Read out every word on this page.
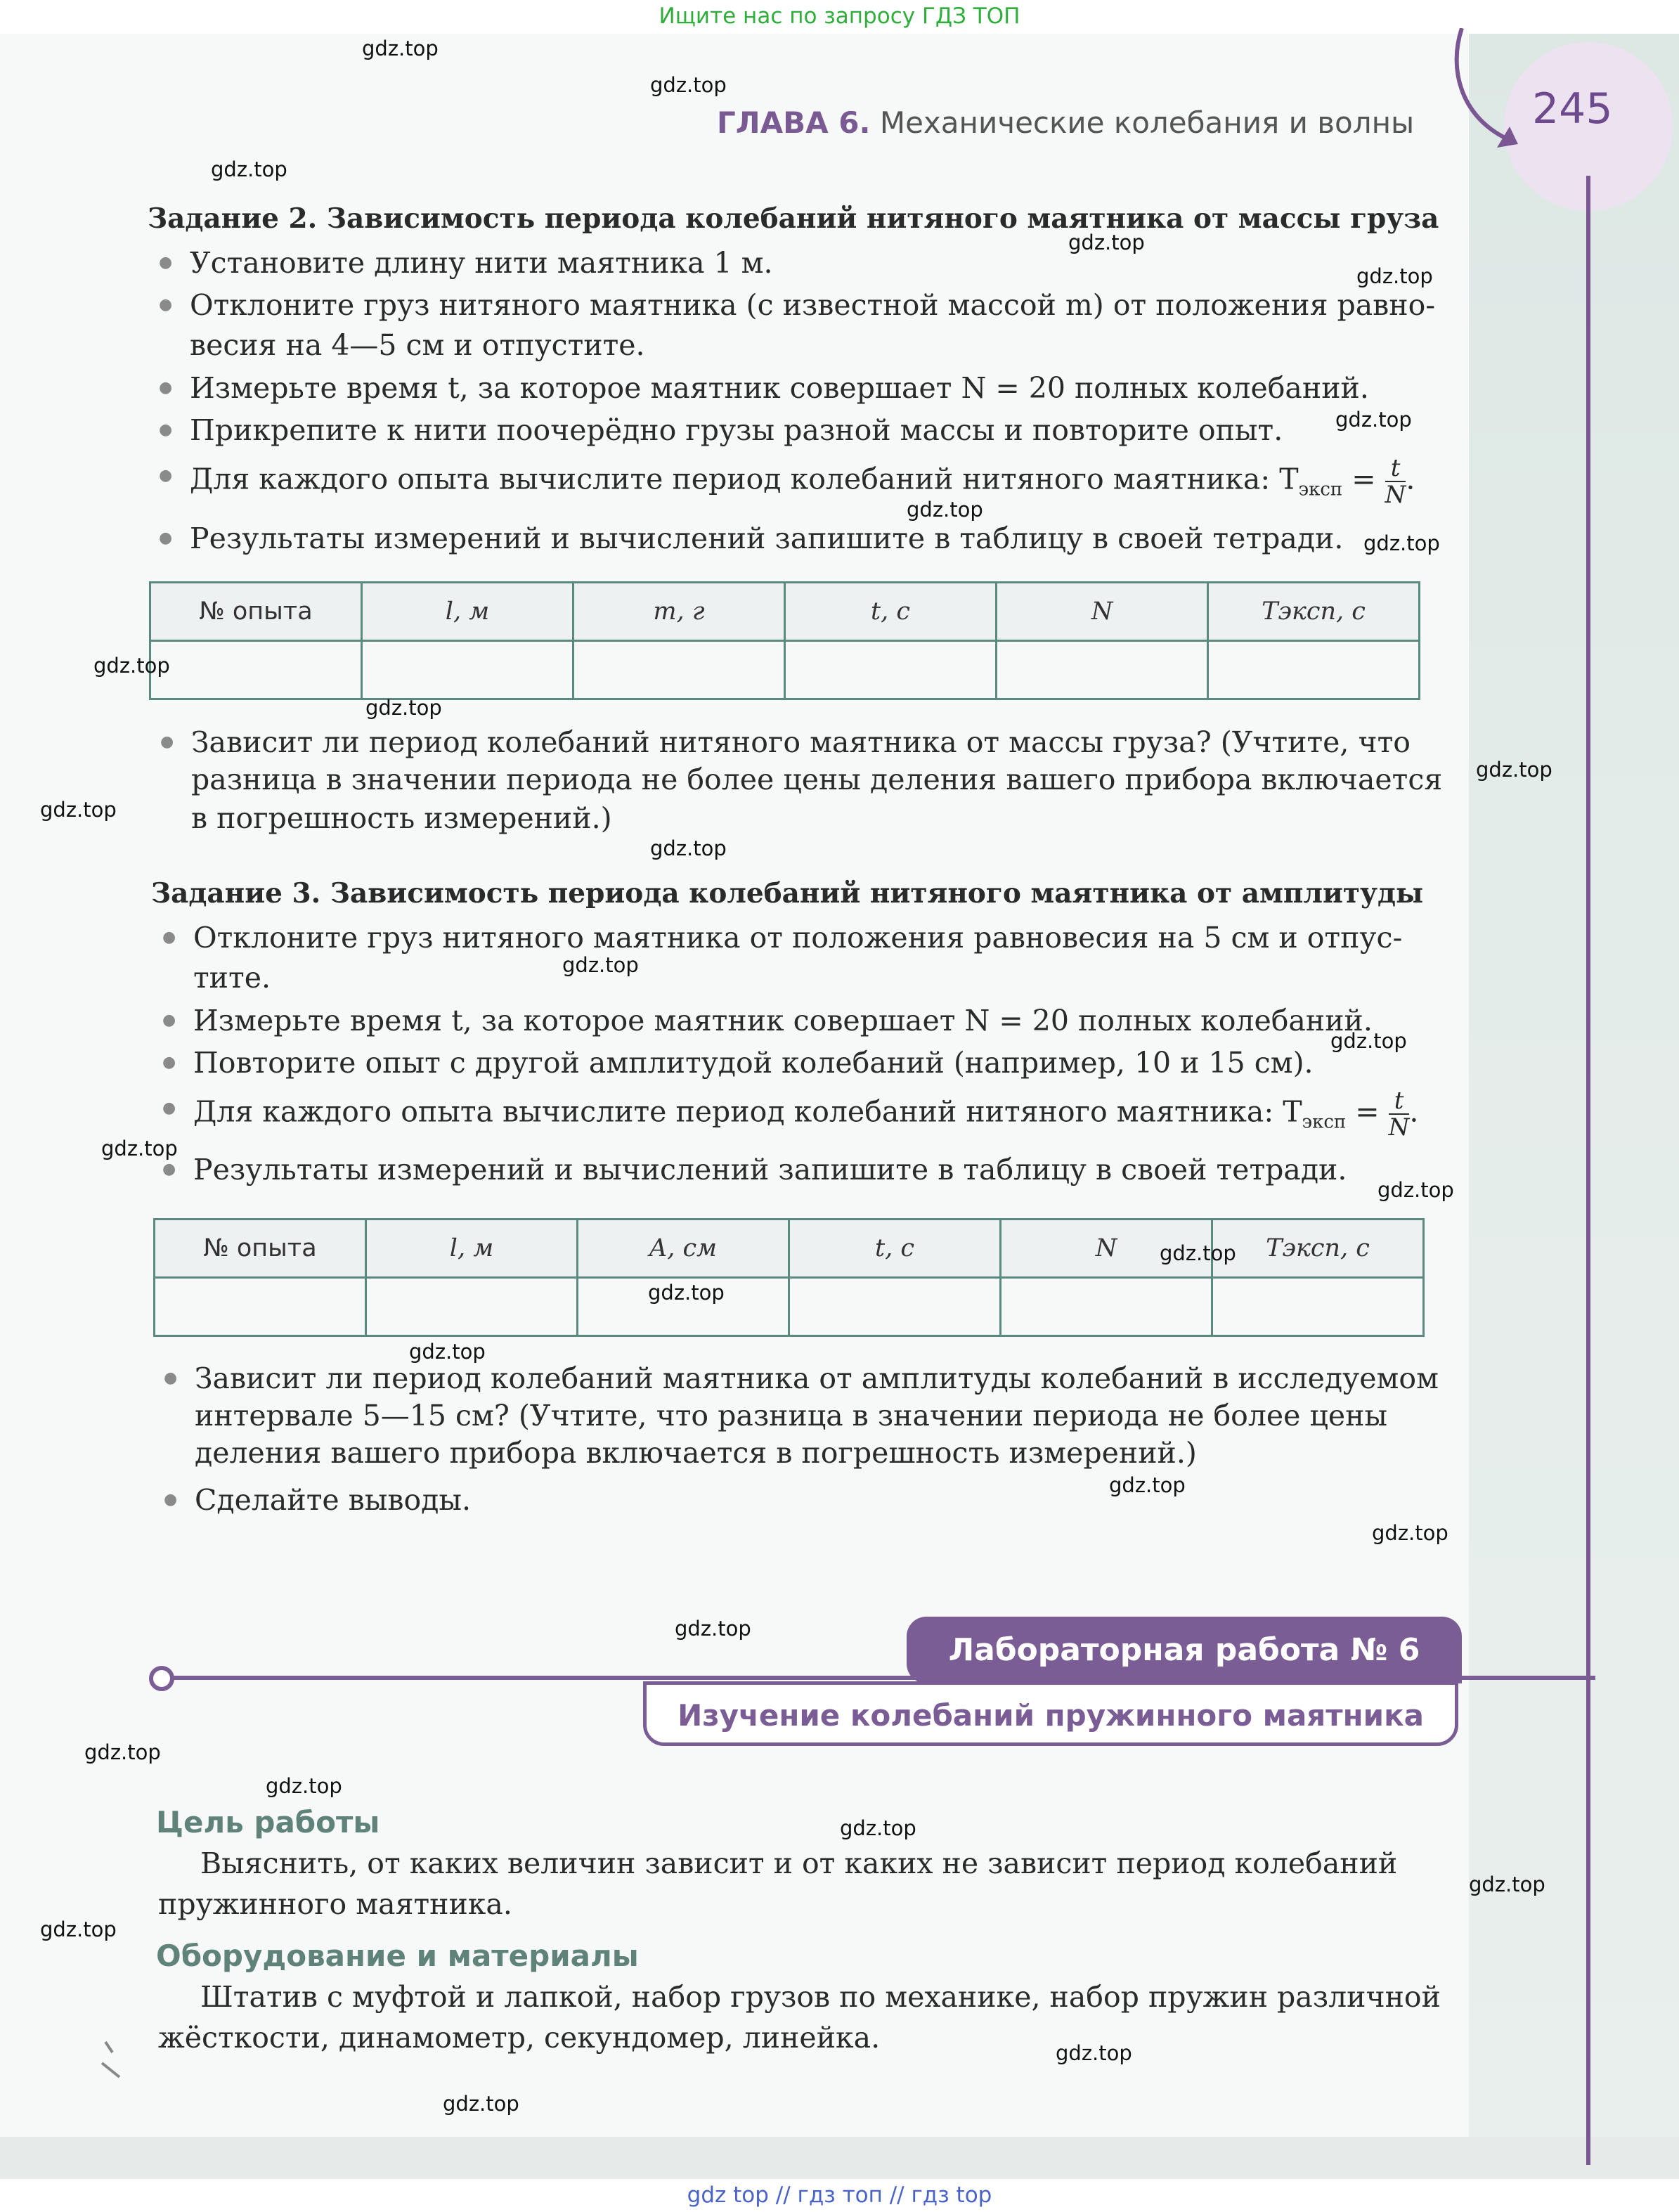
Ищите нас по запросу ГДЗ ТОП
245
ГЛАВА 6. Механические колебания и волны
Задание 2. Зависимость периода колебаний нитяного маятника от массы груза
● Установите длину нити маятника 1 м.
● Отклоните груз нитяного маятника (с известной массой m) от положения равно-
весия на 4—5 см и отпустите.
● Измерьте время t, за которое маятник совершает N = 20 полных колебаний.
● Прикрепите к нити поочерёдно грузы разной массы и повторите опыт.
● Для каждого опыта вычислите период колебаний нитяного маятника: $T_{эксп} = \frac{t}{N}$ .
● Результаты измерений и вычислений запишите в таблицу в своей тетради.
№ опыта	l, м	m, г	t, с	N	Tэксп, с

● Зависит ли период колебаний нитяного маятника от массы груза? (Учтите, что
разница в значении периода не более цены деления вашего прибора включается
в погрешность измерений.)
Задание 3. Зависимость периода колебаний нитяного маятника от амплитуды
● Отклоните груз нитяного маятника от положения равновесия на 5 см и отпус-
тите.
● Измерьте время t, за которое маятник совершает N = 20 полных колебаний.
● Повторите опыт с другой амплитудой колебаний (например, 10 и 15 см).
● Для каждого опыта вычислите период колебаний нитяного маятника: $T_{эксп} = \frac{t}{N}$ .
● Результаты измерений и вычислений запишите в таблицу в своей тетради.
№ опыта	l, м	A, см	t, с	N	Tэксп, с

● Зависит ли период колебаний маятника от амплитуды колебаний в исследуемом
интервале 5—15 см? (Учтите, что разница в значении периода не более цены
деления вашего прибора включается в погрешность измерений.)
● Сделайте выводы.
Лабораторная работа № 6
Изучение колебаний пружинного маятника
Цель работы
Выяснить, от каких величин зависит и от каких не зависит период колебаний
пружинного маятника.
Оборудование и материалы
Штатив с муфтой и лапкой, набор грузов по механике, набор пружин различной
жёсткости, динамометр, секундомер, линейка.
gdz.top
gdz.top
gdz.top
gdz.top
gdz.top
gdz.top
gdz.top
gdz.top
gdz.top
gdz.top
gdz.top
gdz.top
gdz.top
gdz.top
gdz.top
gdz.top
gdz.top
gdz.top
gdz.top
gdz.top
gdz.top
gdz.top
gdz.top
gdz.top
gdz.top
gdz.top
gdz.top
gdz.top
gdz.top
gdz.top
gdz top // гдз топ // гдз top
